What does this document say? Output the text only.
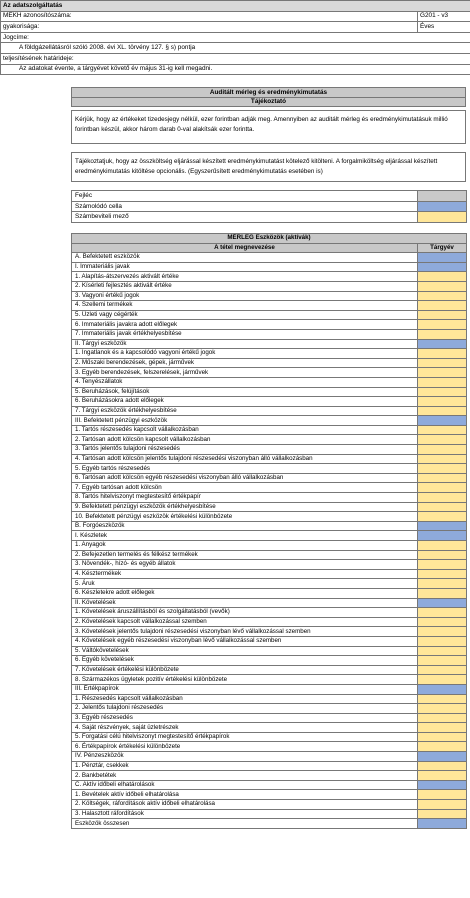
Az adatszolgáltatás	
MEKH azonosítószáma:	G201 - v3
gyakorisága:	Éves
Jogcíme:	
A földgázellátásról szóló 2008. évi XL. törvény 127. § s) pontja	
teljesítésének határideje:	
Az adatokat évente, a tárgyévet követő év május 31-ig kell megadni.	
Auditált mérleg és eredménykimutatás
Tájékoztató

Kérjük, hogy az értékeket tizedesjegy nélkül, ezer forintban adják meg. Amennyiben az auditált mérleg és eredménykimutatásuk millió forintban készül, akkor három darab 0-val alakítsák ezer forintta.

Tájékoztatjuk, hogy az összköltség eljárással készített eredménykimutatást kötelező kitölteni. A forgalmiköltség eljárással készített eredménykimutatás kitöltése opcionális. (Egyszerűsített eredménykimutatás esetében is)

Fejléc	
Számolódó cella	
Számbeviteli mező	
MÉRLEG Eszközök (aktívák)	
A tétel megnevezése	Tárgyév
A. Befektetett eszközök	
I. Immateriális javak	
1. Alapítás-átszervezés aktivált értéke	
2. Kísérleti fejlesztés aktivált értéke	
3. Vagyoni értékű jogok	
4. Szellemi termékek	
5. Üzleti vagy cégérték	
6. Immateriális javakra adott előlegek	
7. Immateriális javak értékhelyesbítése	
II. Tárgyi eszközök	
1. Ingatlanok és a kapcsolódó vagyoni értékű jogok	
2. Műszaki berendezések, gépek, járművek	
3. Egyéb berendezések, felszerelések, járművek	
4. Tenyészállatok	
5. Beruházások, felújítások	
6. Beruházásokra adott előlegek	
7. Tárgyi eszközök értékhelyesbítése	
III. Befektetett pénzügyi eszközök	
1. Tartós részesedés kapcsolt vállalkozásban	
2. Tartósan adott kölcsön kapcsolt vállalkozásban	
3. Tartós jelentős tulajdoni részesedés	
4. Tartósan adott kölcsön jelentős tulajdoni részesedési viszonyban álló vállalkozásban	
5. Egyéb tartós részesedés	
6. Tartósan adott kölcsön egyéb részesedési viszonyban álló vállalkozásban	
7. Egyéb tartósan adott kölcsön	
8. Tartós hitelviszonyt megtestesítő értékpapír	
9. Befektetett pénzügyi eszközök értékhelyesbítése	
10. Befektetett pénzügyi eszközök értékelési különbözete	
B. Forgóeszközök	
I. Készletek	
1. Anyagok	
2. Befejezetlen termelés és félkész termékek	
3. Növendék-, hízó- és egyéb állatok	
4. Késztermékek	
5. Áruk	
6. Készletekre adott előlegek	
II. Követelések	
1. Követelések áruszállításból és szolgáltatásból (vevők)	
2. Követelések kapcsolt vállalkozással szemben	
3. Követelések jelentős tulajdoni részesedési viszonyban lévő vállalkozással szemben	
4. Követelések egyéb részesedési viszonyban lévő vállalkozással szemben	
5. Váltókövetelések	
6. Egyéb követelések	
7. Követelések értékelési különbözete	
8. Származékos ügyletek pozitív értékelési különbözete	
III. Értékpapírok	
1. Részesedés kapcsolt vállalkozásban	
2. Jelentős tulajdoni részesedés	
3. Egyéb részesedés	
4. Saját részvények, saját üzletrészek	
5. Forgatási célú hitelviszonyt megtestesítő értékpapírok	
6. Értékpapírok értékelési különbözete	
IV. Pénzeszközök	
1. Pénztár, csekkek	
2. Bankbetétek	
C. Aktív időbeli elhatárolások	
1. Bevételek aktív időbeli elhatárolása	
2. Költségek, ráfordítások aktív időbeli elhatárolása	
3. Halasztott ráfordítások	
Eszközök összesen	
